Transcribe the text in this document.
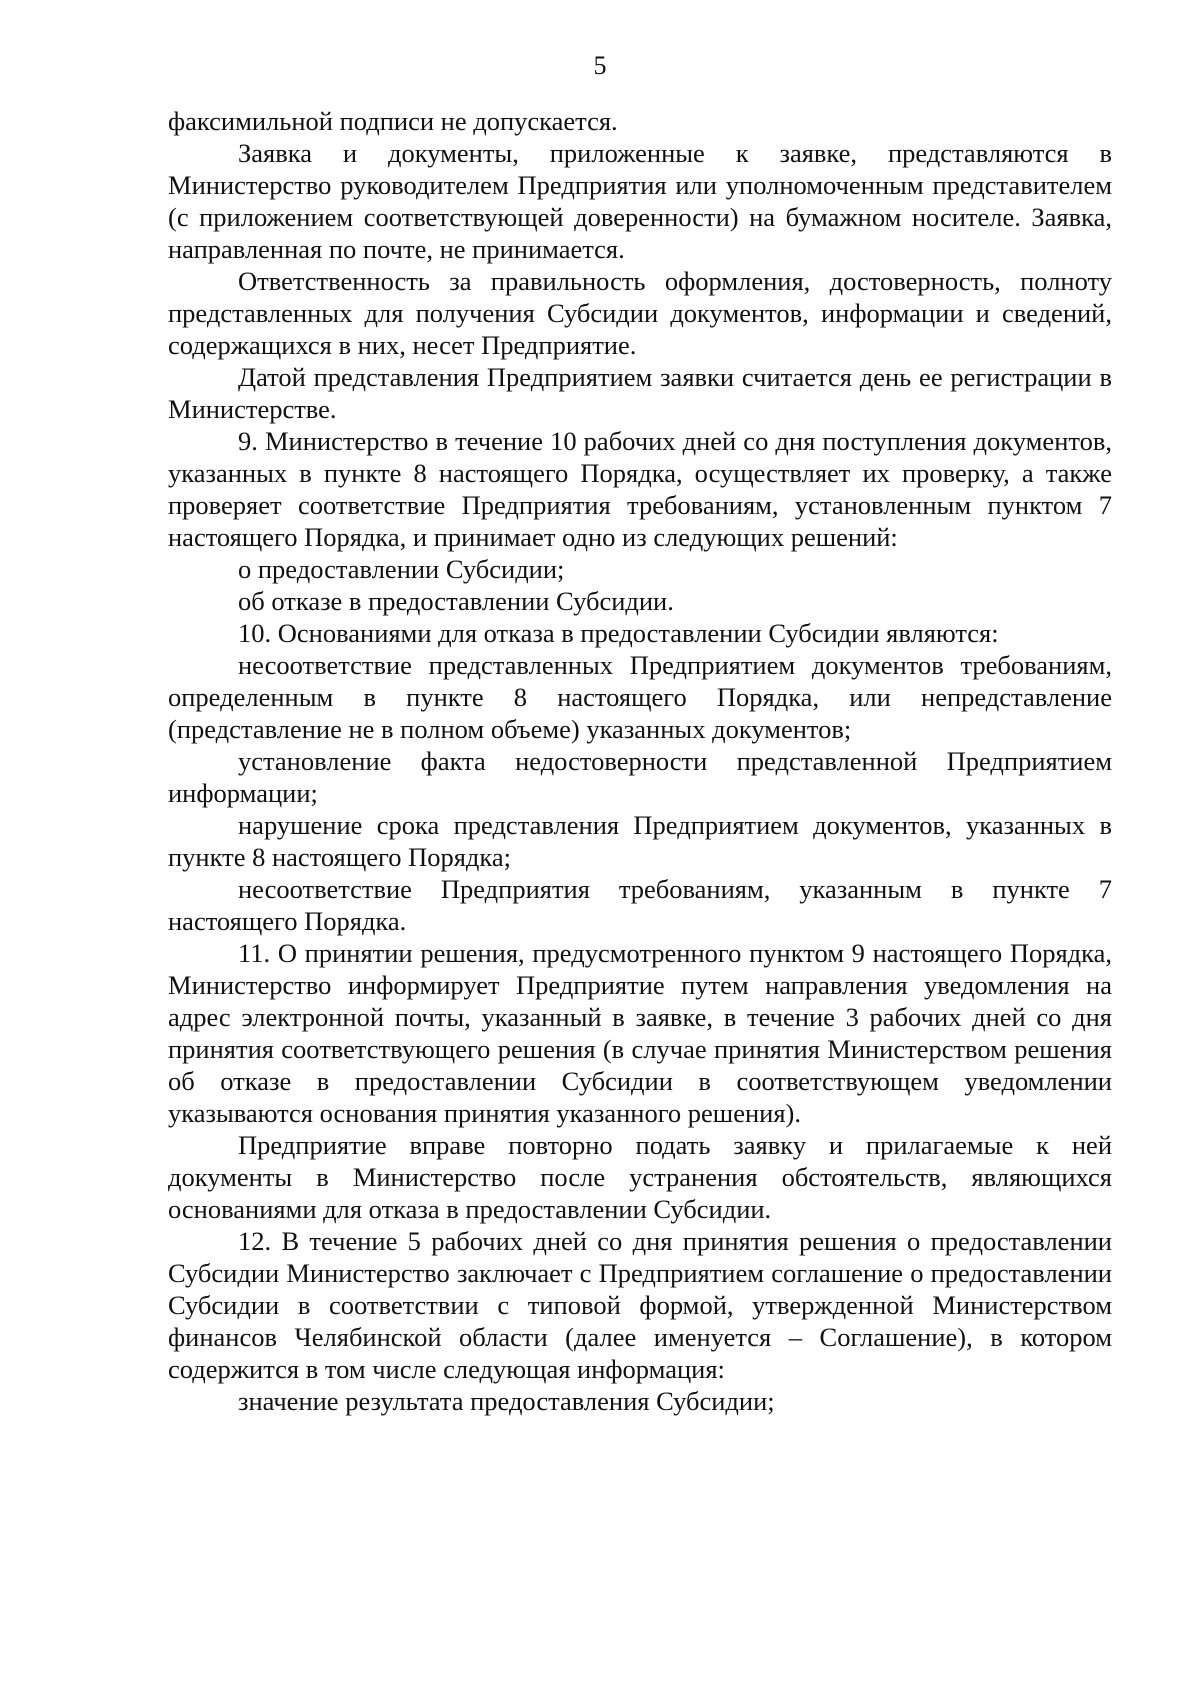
5

факсимильной подписи не допускается.

Заявка и документы, приложенные к заявке, представляются в Министерство руководителем Предприятия или уполномоченным представителем (с приложением соответствующей доверенности) на бумажном носителе. Заявка, направленная по почте, не принимается.

Ответственность за правильность оформления, достоверность, полноту представленных для получения Субсидии документов, информации и сведений, содержащихся в них, несет Предприятие.

Датой представления Предприятием заявки считается день ее регистрации в Министерстве.

9. Министерство в течение 10 рабочих дней со дня поступления документов, указанных в пункте 8 настоящего Порядка, осуществляет их проверку, а также проверяет соответствие Предприятия требованиям, установленным пунктом 7 настоящего Порядка, и принимает одно из следующих решений:

о предоставлении Субсидии;

об отказе в предоставлении Субсидии.

10. Основаниями для отказа в предоставлении Субсидии являются:

несоответствие представленных Предприятием документов требованиям, определенным в пункте 8 настоящего Порядка, или непредставление (представление не в полном объеме) указанных документов;

установление факта недостоверности представленной Предприятием информации;

нарушение срока представления Предприятием документов, указанных в пункте 8 настоящего Порядка;

несоответствие Предприятия требованиям, указанным в пункте 7 настоящего Порядка.

11. О принятии решения, предусмотренного пунктом 9 настоящего Порядка, Министерство информирует Предприятие путем направления уведомления на адрес электронной почты, указанный в заявке, в течение 3 рабочих дней со дня принятия соответствующего решения (в случае принятия Министерством решения об отказе в предоставлении Субсидии в соответствующем уведомлении указываются основания принятия указанного решения).

Предприятие вправе повторно подать заявку и прилагаемые к ней документы в Министерство после устранения обстоятельств, являющихся основаниями для отказа в предоставлении Субсидии.

12. В течение 5 рабочих дней со дня принятия решения о предоставлении Субсидии Министерство заключает с Предприятием соглашение о предоставлении Субсидии в соответствии с типовой формой, утвержденной Министерством финансов Челябинской области (далее именуется – Соглашение), в котором содержится в том числе следующая информация:

значение результата предоставления Субсидии;
